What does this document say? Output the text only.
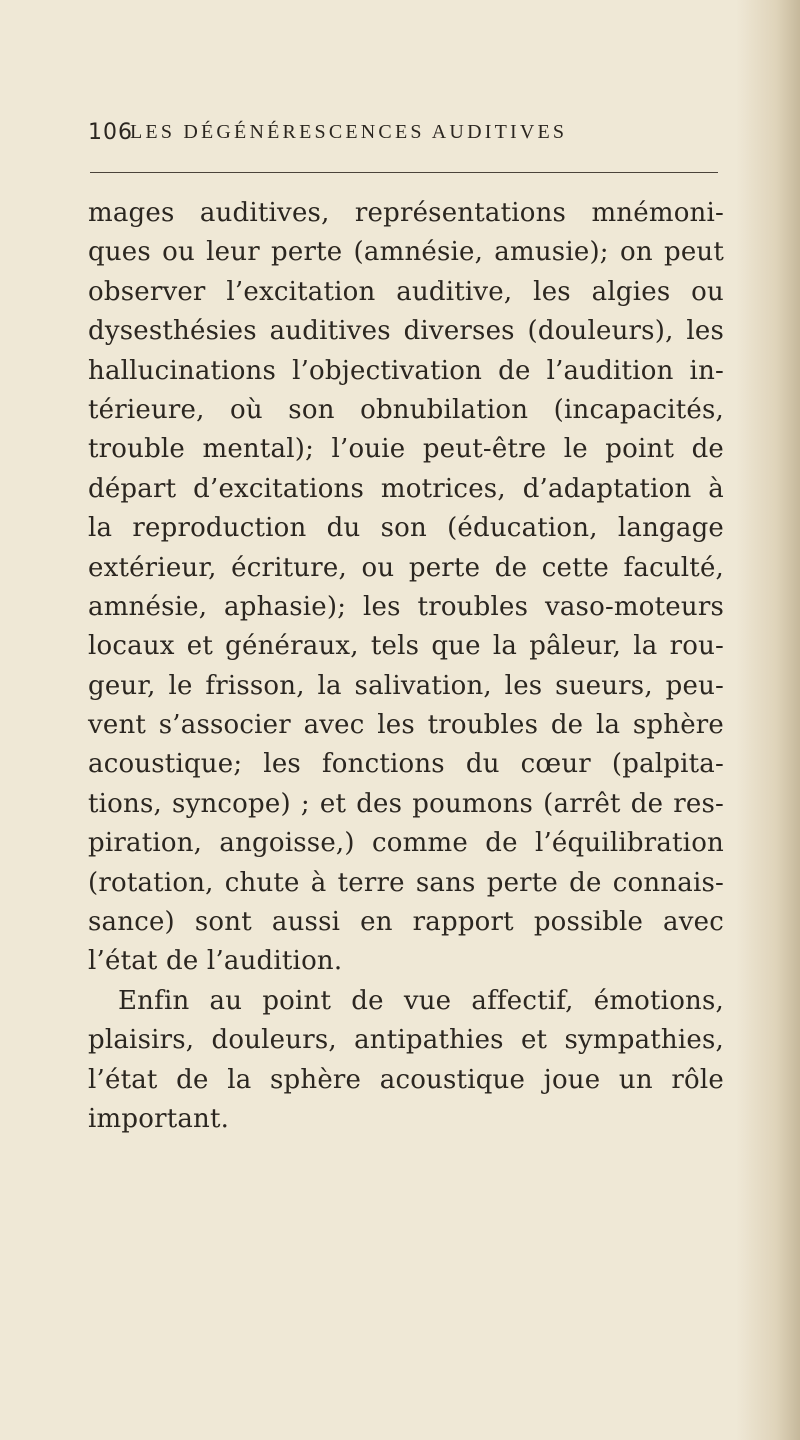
106
LES DÉGÉNÉRESCENCES AUDITIVES
mages auditives, représentations mnémoni-
ques ou leur perte (amnésie, amusie); on peut
observer l’excitation auditive, les algies ou
dysesthésies auditives diverses (douleurs), les
hallucinations l’objectivation de l’audition in-
térieure, où son obnubilation (incapacités,
trouble mental); l’ouie peut-être le point de
départ d’excitations motrices, d’adaptation à
la reproduction du son (éducation, langage
extérieur, écriture, ou perte de cette faculté,
amnésie, aphasie); les troubles vaso-moteurs
locaux et généraux, tels que la pâleur, la rou-
geur, le frisson, la salivation, les sueurs, peu-
vent s’associer avec les troubles de la sphère
acoustique; les fonctions du cœur (palpita-
tions, syncope) ; et des poumons (arrêt de res-
piration, angoisse,) comme de l’équilibration
(rotation, chute à terre sans perte de connais-
sance) sont aussi en rapport possible avec
l’état de l’audition.
Enfin au point de vue affectif, émotions,
plaisirs, douleurs, antipathies et sympathies,
l’état de la sphère acoustique joue un rôle
important.
